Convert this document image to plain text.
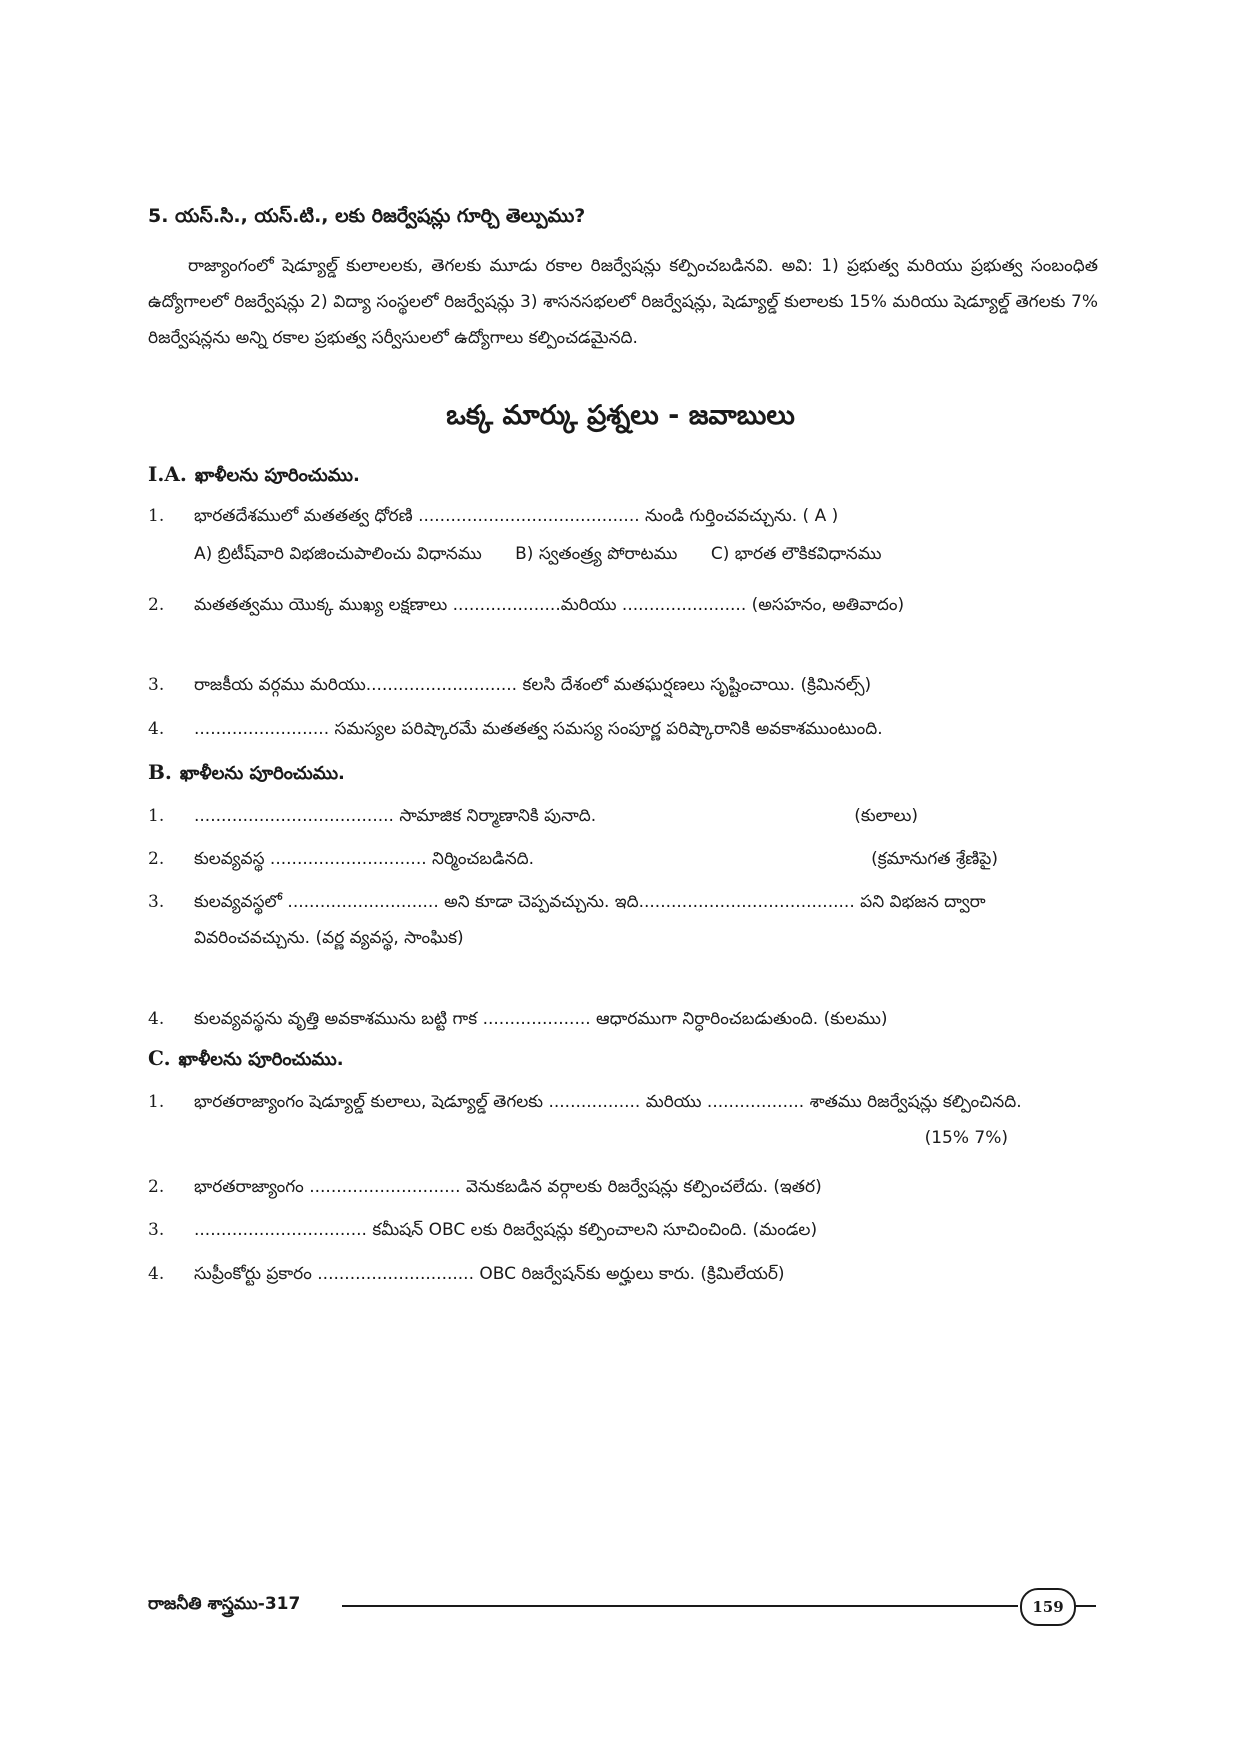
5. యస్.సి., యస్.టి., లకు రిజర్వేషన్లు గూర్చి తెల్పుము?
రాజ్యాంగంలో షెడ్యూల్డ్ కులాలలకు, తెగలకు మూడు రకాల రిజర్వేషన్లు కల్పించబడినవి. అవి: 1) ప్రభుత్వ మరియు ప్రభుత్వ సంబంధిత ఉద్యోగాలలో రిజర్వేషన్లు 2) విద్యా సంస్థలలో రిజర్వేషన్లు 3) శాసనసభలలో రిజర్వేషన్లు, షెడ్యూల్డ్ కులాలకు 15% మరియు షెడ్యూల్డ్ తెగలకు 7% రిజర్వేషన్లను అన్ని రకాల ప్రభుత్వ సర్వీసులలో ఉద్యోగాలు కల్పించడమైనది.
ఒక్క మార్కు ప్రశ్నలు - జవాబులు
I.A. ఖాళీలను పూరించుము.
1.	భారతదేశములో మతతత్వ ధోరణి ......................................... నుండి గుర్తించవచ్చును. ( A )
A) బ్రిటీష్‌వారి విభజించుపాలించు విధానము B) స్వతంత్ర్య పోరాటము C) భారత లౌకికవిధానము
2.	మతతత్వము యొక్క ముఖ్య లక్షణాలు ....................మరియు ....................... (అసహనం, అతివాదం)
3.	రాజకీయ వర్గము మరియు............................ కలసి దేశంలో మతఘర్షణలు సృష్టించాయి. (క్రిమినల్స్)
4.	......................... సమస్యల పరిష్కారమే మతతత్వ సమస్య సంపూర్ణ పరిష్కారానికి అవకాశముంటుంది.
B. ఖాళీలను పూరించుము.
1.	..................................... సామాజిక నిర్మాణానికి పునాది.	(కులాలు)
2.	కులవ్యవస్థ ............................. నిర్మించబడినది.	(క్రమానుగత శ్రేణిపై)
3.	కులవ్యవస్థలో ............................ అని కూడా చెప్పవచ్చును. ఇది........................................ పని విభజన ద్వారా వివరించవచ్చును. (వర్ణ వ్యవస్థ, సాంఘిక)
4.	కులవ్యవస్థను వృత్తి అవకాశమును బట్టి గాక .................... ఆధారముగా నిర్ధారించబడుతుంది. (కులము)
C. ఖాళీలను పూరించుము.
1.	భారతరాజ్యాంగం షెడ్యూల్డ్ కులాలు, షెడ్యూల్డ్ తెగలకు ................. మరియు .................. శాతము రిజర్వేషన్లు కల్పించినది.
(15% 7%)
2.	భారతరాజ్యాంగం ............................ వెనుకబడిన వర్గాలకు రిజర్వేషన్లు కల్పించలేదు. (ఇతర)
3.	................................ కమీషన్ OBC లకు రిజర్వేషన్లు కల్పించాలని సూచించింది. (మండల)
4.	సుప్రీంకోర్టు ప్రకారం ............................. OBC రిజర్వేషన్‌కు అర్హులు కారు. (క్రిమిలేయర్)
రాజనీతి శాస్త్రము-317	159
